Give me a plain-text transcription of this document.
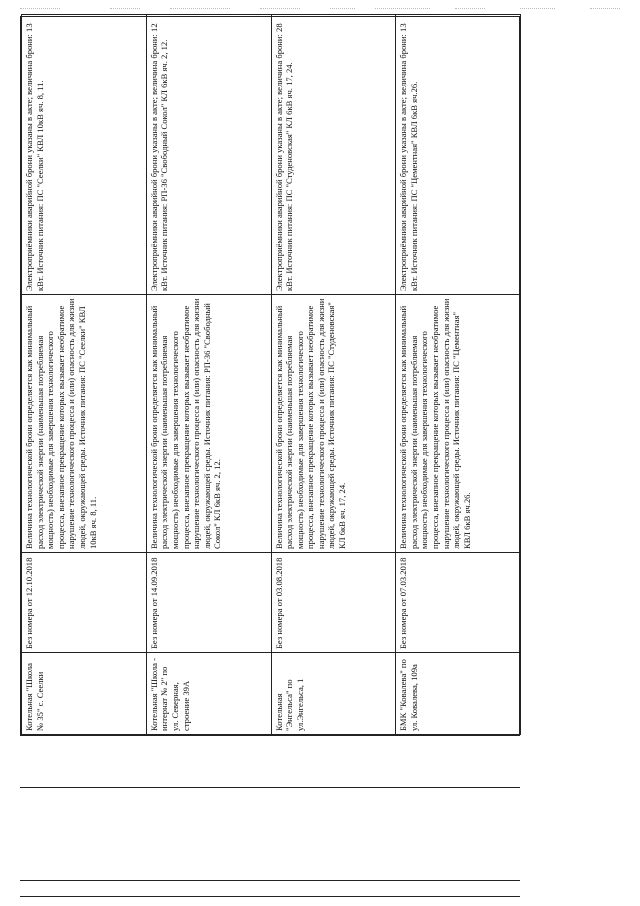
Котельная "Школа № 35" с. Сеелки	Без номера от 12.10.2018	Величина технологической брони определяется как минимальный расход электрической энергии (наименьшая потребляемая мощность) необходимые для завершения технологического процесса, внезапное прекращение которых вызывает необратимое нарушение технологического процесса и (или) опасность для жизни людей, окружающей среды. Источник питания: ПС "Сеелки" КВЛ 10кВ яч. 8, 11.	Электроприёмники аварийной брони указаны в акте; величина брони: 13 кВт. Источник питания: ПС "Сеелки" КВЛ 10кВ яч. 8, 11.
Котельная "Школа - интернат № 2" по ул. Северная, строение 39А	Без номера от 14.09.2018	Величина технологической брони определяется как минимальный расход электрической энергии (наименьшая потребляемая мощность) необходимые для завершения технологического процесса, внезапное прекращение которых вызывает необратимое нарушение технологического процесса и (или) опасность для жизни людей, окружающей среды. Источник питания: РП-36 "Свободный Сокол" КЛ 6кВ яч. 2, 12.	Электроприёмники аварийной брони указаны в акте; величина брони: 12 кВт. Источник питания: РП-36 "Свободный Сокол" КЛ 6кВ яч. 2, 12.
Котельная "Энгельса" по ул.Энгельса, 1	Без номера от 03.08.2018	Величина технологической брони определяется как минимальный расход электрической энергии (наименьшая потребляемая мощность) необходимые для завершения технологического процесса, внезапное прекращение которых вызывает необратимое нарушение технологического процесса и (или) опасность для жизни людей, окружающей среды. Источник питания: ПС "Студеновская" КЛ 6кВ яч. 17, 24.	Электроприёмники аварийной брони указаны в акте; величина брони: 28 кВт. Источник питания: ПС "Студеновская" КЛ 6кВ яч. 17, 24.
БМК "Ковалева" по ул. Ковалева, 109а	Без номера от 07.03.2018	Величина технологической брони определяется как минимальный расход электрической энергии (наименьшая потребляемая мощность) необходимые для завершения технологического процесса, внезапное прекращение которых вызывает необратимое нарушение технологического процесса и (или) опасность для жизни людей, окружающей среды. Источник питания: ПС "Цементная" КВЛ 6кВ яч.26.	Электроприёмники аварийной брони указаны в акте; величина брони: 13 кВт. Источник питания: ПС "Цементная" КВЛ 6кВ яч.26.
